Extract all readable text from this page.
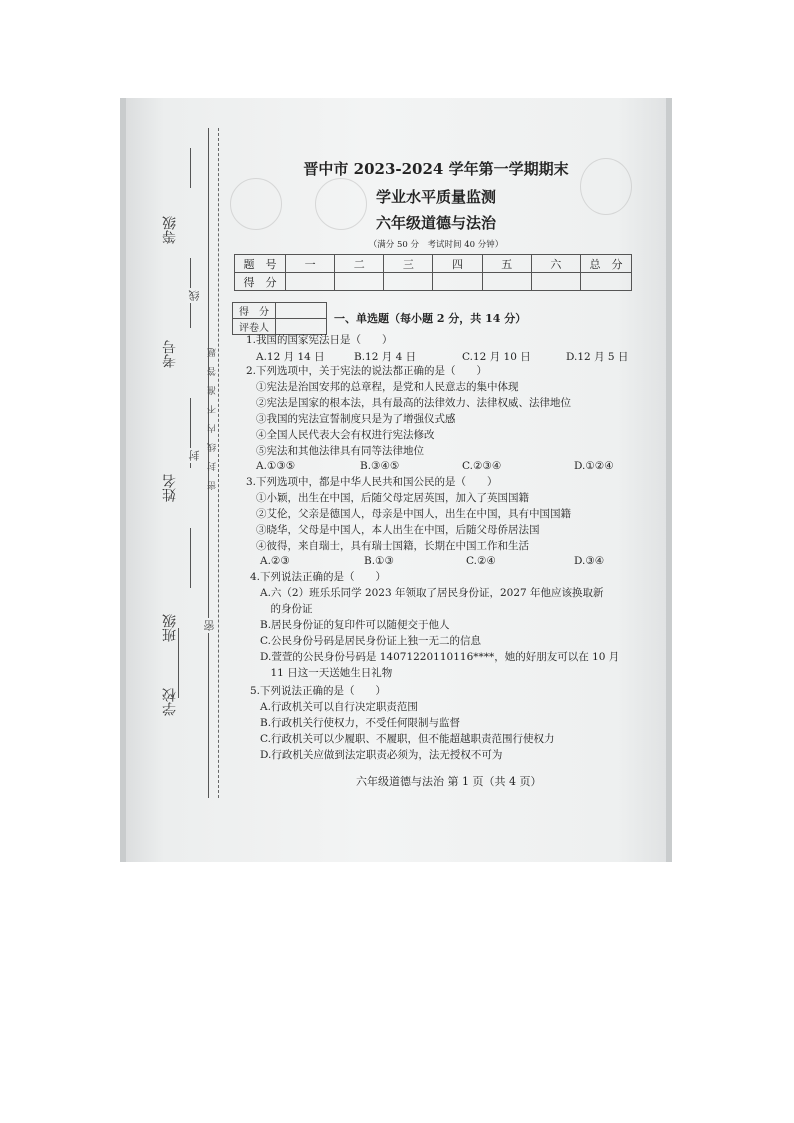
等级
考号
姓名
班级
学校
线
封
密
密封线内不准答题
晋中市 2023-2024 学年第一学期期末
学业水平质量监测
六年级道德与法治
（满分 50 分　考试时间 40 分钟）
题　号	一	二	三	四	五	六	总　分
得　分							
得　分	
评卷人	
一、单选题（每小题 2 分，共 14 分）
1.我国的国家宪法日是（　　）
A.12 月 14 日	B.12 月 4 日	C.12 月 10 日	D.12 月 5 日
2.下列选项中，关于宪法的说法都正确的是（　　）
①宪法是治国安邦的总章程，是党和人民意志的集中体现
②宪法是国家的根本法，具有最高的法律效力、法律权威、法律地位
③我国的宪法宣誓制度只是为了增强仪式感
④全国人民代表大会有权进行宪法修改
⑤宪法和其他法律具有同等法律地位
A.①③⑤	B.③④⑤	C.②③④	D.①②④
3.下列选项中，都是中华人民共和国公民的是（　　）
①小颖，出生在中国，后随父母定居英国，加入了英国国籍
②艾伦，父亲是德国人，母亲是中国人，出生在中国，具有中国国籍
③晓华，父母是中国人，本人出生在中国，后随父母侨居法国
④彼得，来自瑞士，具有瑞士国籍，长期在中国工作和生活
A.②③	B.①③	C.②④	D.③④
4.下列说法正确的是（　　）
A.六（2）班乐乐同学 2023 年领取了居民身份证，2027 年他应该换取新
　的身份证
B.居民身份证的复印件可以随便交于他人
C.公民身份号码是居民身份证上独一无二的信息
D.萱萱的公民身份号码是 14071220110116****，她的好朋友可以在 10 月
　11 日这一天送她生日礼物
5.下列说法正确的是（　　）
A.行政机关可以自行决定职责范围
B.行政机关行使权力，不受任何限制与监督
C.行政机关可以少履职、不履职，但不能超越职责范围行使权力
D.行政机关应做到法定职责必须为，法无授权不可为
六年级道德与法治 第 1 页（共 4 页）
